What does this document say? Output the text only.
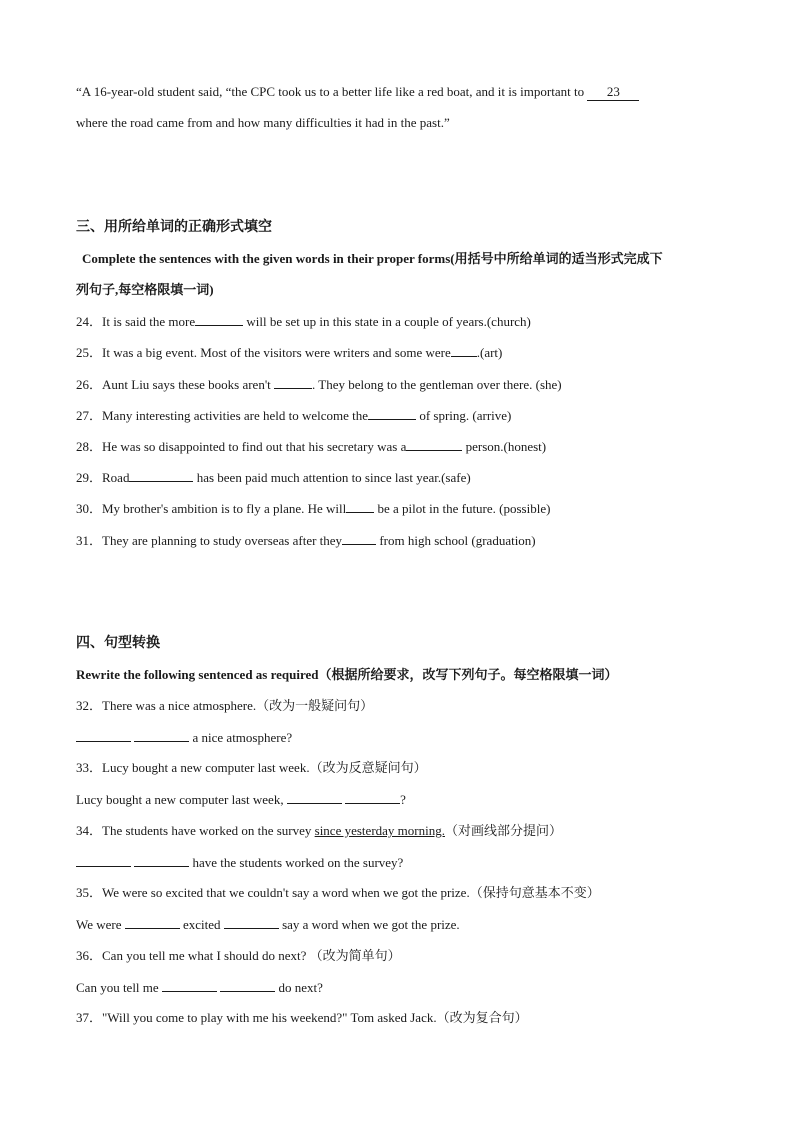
“A 16-year-old student said, “the CPC took us to a better life like a red boat, and it is important to 23
where the road came from and how many difficulties it had in the past.”
三、用所给单词的正确形式填空
Complete the sentences with the given words in their proper forms(用括号中所给单词的适当形式完成下
列句子,每空格限填一词)
24．It is said the more	will be set up in this state in a couple of years.(church)
25．It was a big event. Most of the visitors were writers and some were .(art)
26．Aunt Liu says these books aren't	. They belong to the gentleman over there. (she)
27．Many interesting activities are held to welcome the	of spring. (arrive)
28．He was so disappointed to find out that his secretary was a	person.(honest)
29．Road	has been paid much attention to since last year.(safe)
30．My brother's ambition is to fly a plane. He will be a pilot in the future. (possible)
31．They are planning to study overseas after they	from high school (graduation)
四、句型转换
Rewrite the following sentenced as required（根据所给要求，改写下列句子。每空格限填一词）
32．There was a nice atmosphere.（改为一般疑问句）
a nice atmosphere?
33．Lucy bought a new computer last week.（改为反意疑问句）
Lucy bought a new computer last week,	?
34．The students have worked on the survey since yesterday morning.（对画线部分提问）
have the students worked on the survey?
35．We were so excited that we couldn't say a word when we got the prize.（保持句意基本不变）
We were	excited	say a word when we got the prize.
36．Can you tell me what I should do next? （改为简单句）
Can you tell me	do next?
37．"Will you come to play with me his weekend?" Tom asked Jack.（改为复合句）
